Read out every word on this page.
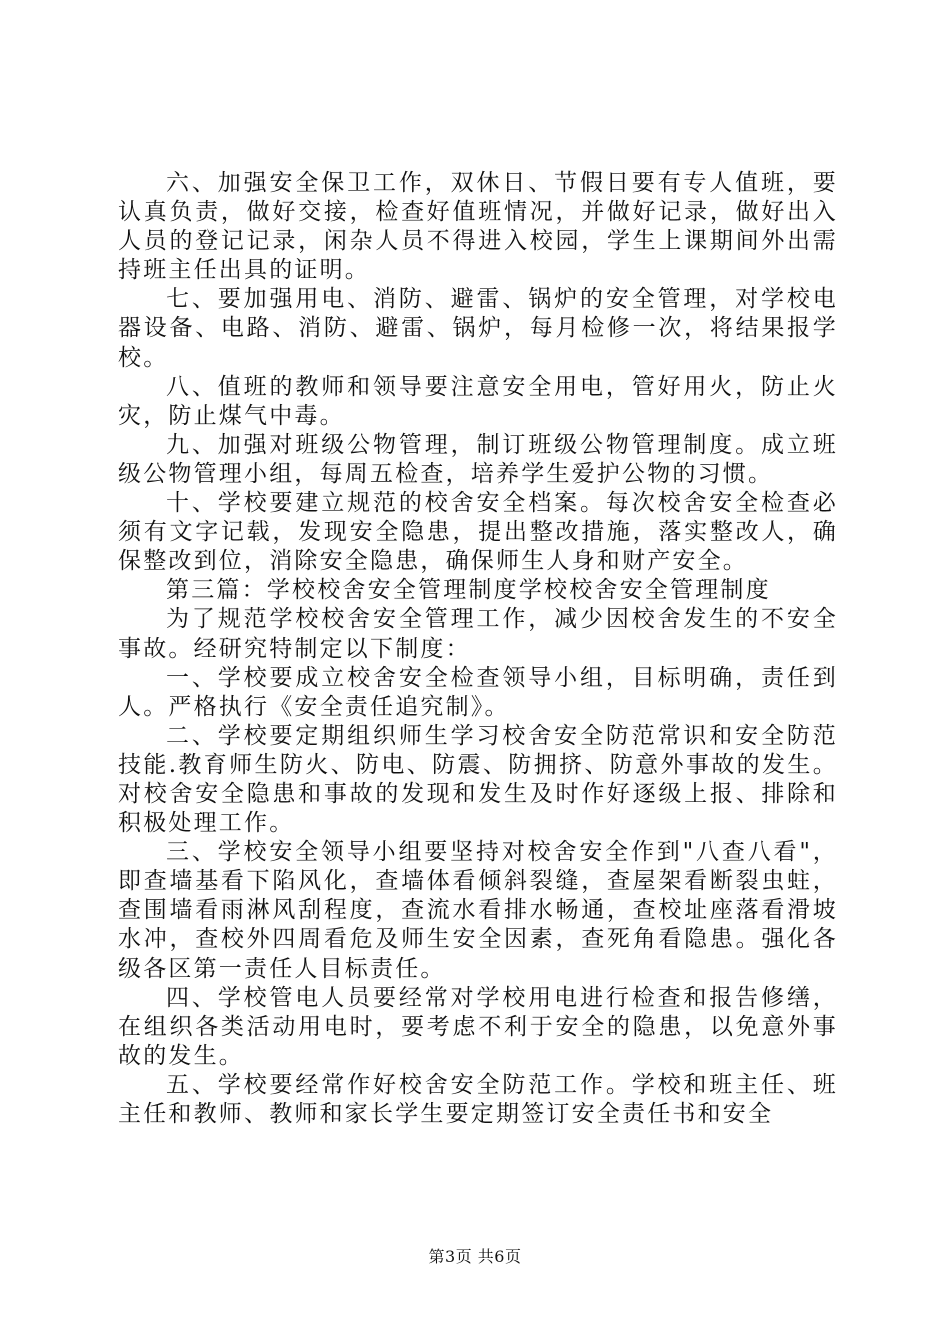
六、加强安全保卫工作，双休日、节假日要有专人值班，要认真负责，做好交接，检查好值班情况，并做好记录，做好出入人员的登记记录，闲杂人员不得进入校园，学生上课期间外出需持班主任出具的证明。

七、要加强用电、消防、避雷、锅炉的安全管理，对学校电器设备、电路、消防、避雷、锅炉，每月检修一次，将结果报学校。

八、值班的教师和领导要注意安全用电，管好用火，防止火灾，防止煤气中毒。

九、加强对班级公物管理，制订班级公物管理制度。成立班级公物管理小组，每周五检查，培养学生爱护公物的习惯。

十、学校要建立规范的校舍安全档案。每次校舍安全检查必须有文字记载，发现安全隐患，提出整改措施，落实整改人，确保整改到位，消除安全隐患，确保师生人身和财产安全。

第三篇：学校校舍安全管理制度学校校舍安全管理制度

为了规范学校校舍安全管理工作，减少因校舍发生的不安全事故。经研究特制定以下制度：

一、学校要成立校舍安全检查领导小组，目标明确，责任到人。严格执行《安全责任追究制》。

二、学校要定期组织师生学习校舍安全防范常识和安全防范技能.教育师生防火、防电、防震、防拥挤、防意外事故的发生。对校舍安全隐患和事故的发现和发生及时作好逐级上报、排除和积极处理工作。

三、学校安全领导小组要坚持对校舍安全作到"八查八看"，即查墙基看下陷风化，查墙体看倾斜裂缝，查屋架看断裂虫蛀，查围墙看雨淋风刮程度，查流水看排水畅通，查校址座落看滑坡水冲，查校外四周看危及师生安全因素，查死角看隐患。强化各级各区第一责任人目标责任。

四、学校管电人员要经常对学校用电进行检查和报告修缮，在组织各类活动用电时，要考虑不利于安全的隐患，以免意外事故的发生。

五、学校要经常作好校舍安全防范工作。学校和班主任、班主任和教师、教师和家长学生要定期签订安全责任书和安全

第3页 共6页
